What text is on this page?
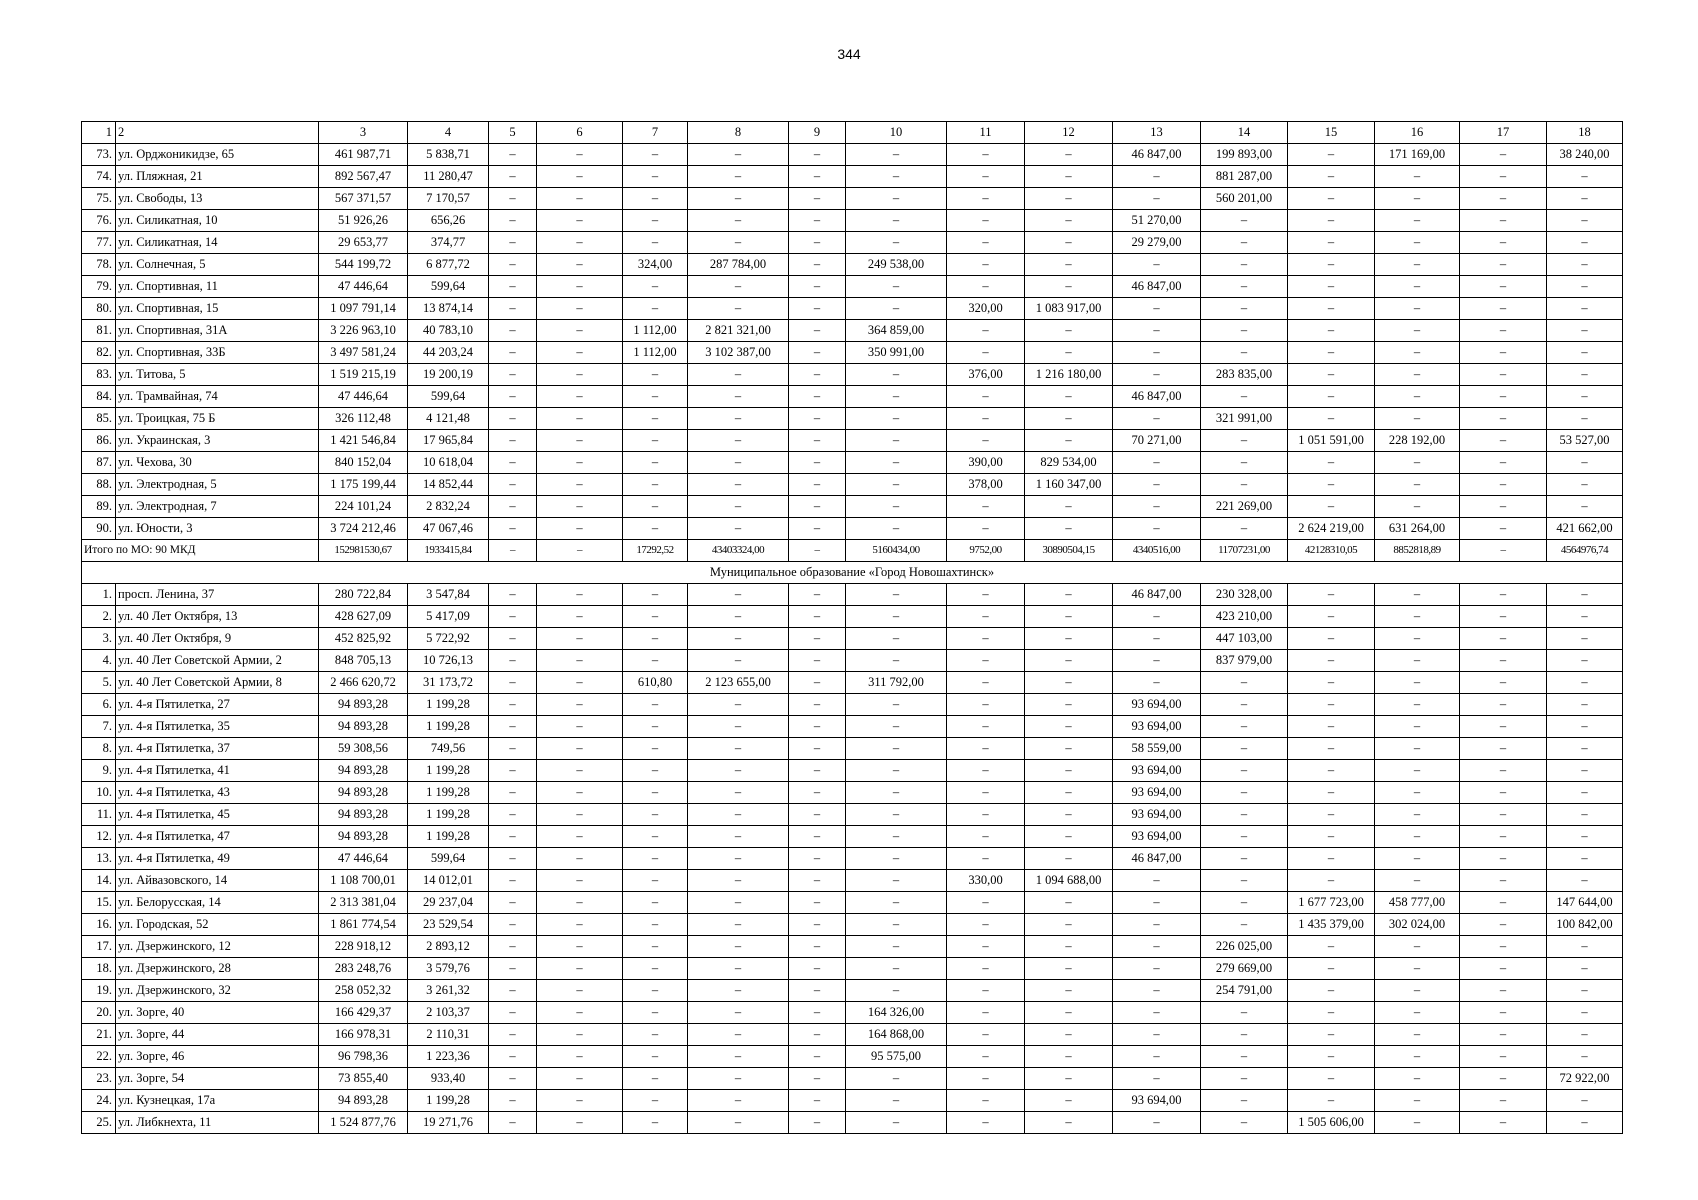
344
1	2	3	4	5	6	7	8	9	10	11	12	13	14	15	16	17	18
73.	ул. Орджоникидзе, 65	461 987,71	5 838,71	–	–	–	–	–	–	–	–	46 847,00	199 893,00	–	171 169,00	–	38 240,00
74.	ул. Пляжная, 21	892 567,47	11 280,47	–	–	–	–	–	–	–	–	–	881 287,00	–	–	–	–
75.	ул. Свободы, 13	567 371,57	7 170,57	–	–	–	–	–	–	–	–	–	560 201,00	–	–	–	–
76.	ул. Силикатная, 10	51 926,26	656,26	–	–	–	–	–	–	–	–	51 270,00	–	–	–	–	–
77.	ул. Силикатная, 14	29 653,77	374,77	–	–	–	–	–	–	–	–	29 279,00	–	–	–	–	–
78.	ул. Солнечная, 5	544 199,72	6 877,72	–	–	324,00	287 784,00	–	249 538,00	–	–	–	–	–	–	–	–
79.	ул. Спортивная, 11	47 446,64	599,64	–	–	–	–	–	–	–	–	46 847,00	–	–	–	–	–
80.	ул. Спортивная, 15	1 097 791,14	13 874,14	–	–	–	–	–	–	320,00	1 083 917,00	–	–	–	–	–	–
81.	ул. Спортивная, 31А	3 226 963,10	40 783,10	–	–	1 112,00	2 821 321,00	–	364 859,00	–	–	–	–	–	–	–	–
82.	ул. Спортивная, 33Б	3 497 581,24	44 203,24	–	–	1 112,00	3 102 387,00	–	350 991,00	–	–	–	–	–	–	–	–
83.	ул. Титова, 5	1 519 215,19	19 200,19	–	–	–	–	–	–	376,00	1 216 180,00	–	283 835,00	–	–	–	–
84.	ул. Трамвайная, 74	47 446,64	599,64	–	–	–	–	–	–	–	–	46 847,00	–	–	–	–	–
85.	ул. Троицкая, 75 Б	326 112,48	4 121,48	–	–	–	–	–	–	–	–	–	321 991,00	–	–	–	–
86.	ул. Украинская, 3	1 421 546,84	17 965,84	–	–	–	–	–	–	–	–	70 271,00	–	1 051 591,00	228 192,00	–	53 527,00
87.	ул. Чехова, 30	840 152,04	10 618,04	–	–	–	–	–	–	390,00	829 534,00	–	–	–	–	–	–
88.	ул. Электродная, 5	1 175 199,44	14 852,44	–	–	–	–	–	–	378,00	1 160 347,00	–	–	–	–	–	–
89.	ул. Электродная, 7	224 101,24	2 832,24	–	–	–	–	–	–	–	–	–	221 269,00	–	–	–	–
90.	ул. Юности, 3	3 724 212,46	47 067,46	–	–	–	–	–	–	–	–	–	–	2 624 219,00	631 264,00	–	421 662,00
Итого по МО: 90 МКД		152981530,67	1933415,84	–	–	17292,52	43403324,00	–	5160434,00	9752,00	30890504,15	4340516,00	11707231,00	42128310,05	8852818,89	–	4564976,74
Муниципальное образование «Город Новошахтинск»																	
1.	просп. Ленина, 37	280 722,84	3 547,84	–	–	–	–	–	–	–	–	46 847,00	230 328,00	–	–	–	–
2.	ул. 40 Лет Октября, 13	428 627,09	5 417,09	–	–	–	–	–	–	–	–	–	423 210,00	–	–	–	–
3.	ул. 40 Лет Октября, 9	452 825,92	5 722,92	–	–	–	–	–	–	–	–	–	447 103,00	–	–	–	–
4.	ул. 40 Лет Советской Армии, 2	848 705,13	10 726,13	–	–	–	–	–	–	–	–	–	837 979,00	–	–	–	–
5.	ул. 40 Лет Советской Армии, 8	2 466 620,72	31 173,72	–	–	610,80	2 123 655,00	–	311 792,00	–	–	–	–	–	–	–	–
6.	ул. 4-я Пятилетка, 27	94 893,28	1 199,28	–	–	–	–	–	–	–	–	93 694,00	–	–	–	–	–
7.	ул. 4-я Пятилетка, 35	94 893,28	1 199,28	–	–	–	–	–	–	–	–	93 694,00	–	–	–	–	–
8.	ул. 4-я Пятилетка, 37	59 308,56	749,56	–	–	–	–	–	–	–	–	58 559,00	–	–	–	–	–
9.	ул. 4-я Пятилетка, 41	94 893,28	1 199,28	–	–	–	–	–	–	–	–	93 694,00	–	–	–	–	–
10.	ул. 4-я Пятилетка, 43	94 893,28	1 199,28	–	–	–	–	–	–	–	–	93 694,00	–	–	–	–	–
11.	ул. 4-я Пятилетка, 45	94 893,28	1 199,28	–	–	–	–	–	–	–	–	93 694,00	–	–	–	–	–
12.	ул. 4-я Пятилетка, 47	94 893,28	1 199,28	–	–	–	–	–	–	–	–	93 694,00	–	–	–	–	–
13.	ул. 4-я Пятилетка, 49	47 446,64	599,64	–	–	–	–	–	–	–	–	46 847,00	–	–	–	–	–
14.	ул. Айвазовского, 14	1 108 700,01	14 012,01	–	–	–	–	–	–	330,00	1 094 688,00	–	–	–	–	–	–
15.	ул. Белорусская, 14	2 313 381,04	29 237,04	–	–	–	–	–	–	–	–	–	–	1 677 723,00	458 777,00	–	147 644,00
16.	ул. Городская, 52	1 861 774,54	23 529,54	–	–	–	–	–	–	–	–	–	–	1 435 379,00	302 024,00	–	100 842,00
17.	ул. Дзержинского, 12	228 918,12	2 893,12	–	–	–	–	–	–	–	–	–	226 025,00	–	–	–	–
18.	ул. Дзержинского, 28	283 248,76	3 579,76	–	–	–	–	–	–	–	–	–	279 669,00	–	–	–	–
19.	ул. Дзержинского, 32	258 052,32	3 261,32	–	–	–	–	–	–	–	–	–	254 791,00	–	–	–	–
20.	ул. Зорге, 40	166 429,37	2 103,37	–	–	–	–	–	164 326,00	–	–	–	–	–	–	–	–
21.	ул. Зорге, 44	166 978,31	2 110,31	–	–	–	–	–	164 868,00	–	–	–	–	–	–	–	–
22.	ул. Зорге, 46	96 798,36	1 223,36	–	–	–	–	–	95 575,00	–	–	–	–	–	–	–	–
23.	ул. Зорге, 54	73 855,40	933,40	–	–	–	–	–	–	–	–	–	–	–	–	–	72 922,00
24.	ул. Кузнецкая, 17а	94 893,28	1 199,28	–	–	–	–	–	–	–	–	93 694,00	–	–	–	–	–
25.	ул. Либкнехта, 11	1 524 877,76	19 271,76	–	–	–	–	–	–	–	–	–	–	1 505 606,00	–	–	–
